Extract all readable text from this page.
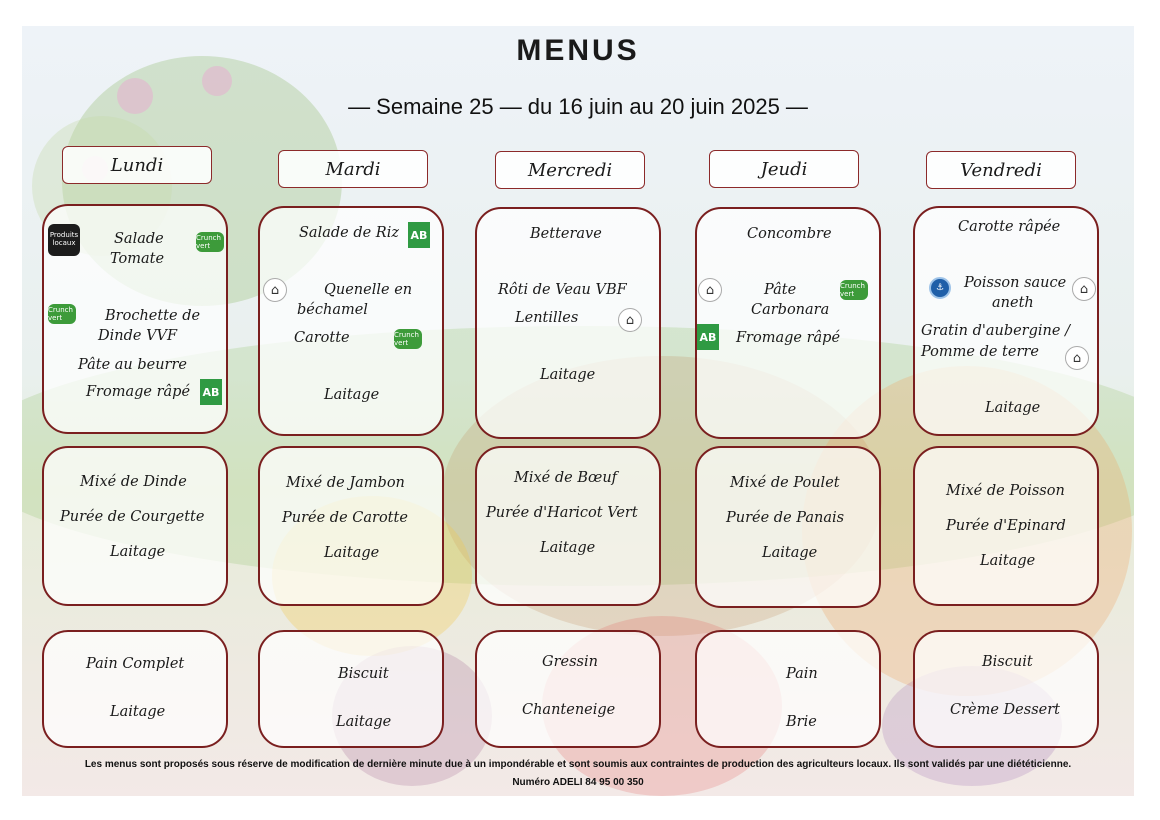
MENUS
— Semaine 25 — du 16 juin au 20 juin 2025 —
Lundi	Mardi	Mercredi	Jeudi	Vendredi
Salade
Tomate
Brochette de
Dinde VVF
Pâte au beurre
Fromage râpé
Produits locaux
Crunch vert
Crunch vert
AB
Salade de Riz
Quenelle en
béchamel
Carotte
Laitage
AB
⌂
Crunch vert
Betterave
Rôti de Veau VBF
Lentilles
Laitage
⌂
Concombre
Pâte
Carbonara
Fromage râpé
⌂	Crunch vert
AB
Carotte râpée
Poisson sauce
aneth
Gratin d'aubergine /
Pomme de terre
Laitage
⚓	⌂
⌂
Mixé de Dinde
Purée de Courgette
Laitage
Mixé de Jambon
Purée de Carotte
Laitage
Mixé de Bœuf
Purée d'Haricot Vert
Laitage
Mixé de Poulet
Purée de Panais
Laitage
Mixé de Poisson
Purée d'Epinard
Laitage
Pain Complet
Laitage
Biscuit
Laitage
Gressin
Chanteneige
Pain
Brie
Biscuit
Crème Dessert
Les menus sont proposés sous réserve de modification de dernière minute due à un impondérable et sont soumis aux contraintes de production des agriculteurs locaux. Ils sont validés par une diététicienne.
Numéro ADELI 84 95 00 350
